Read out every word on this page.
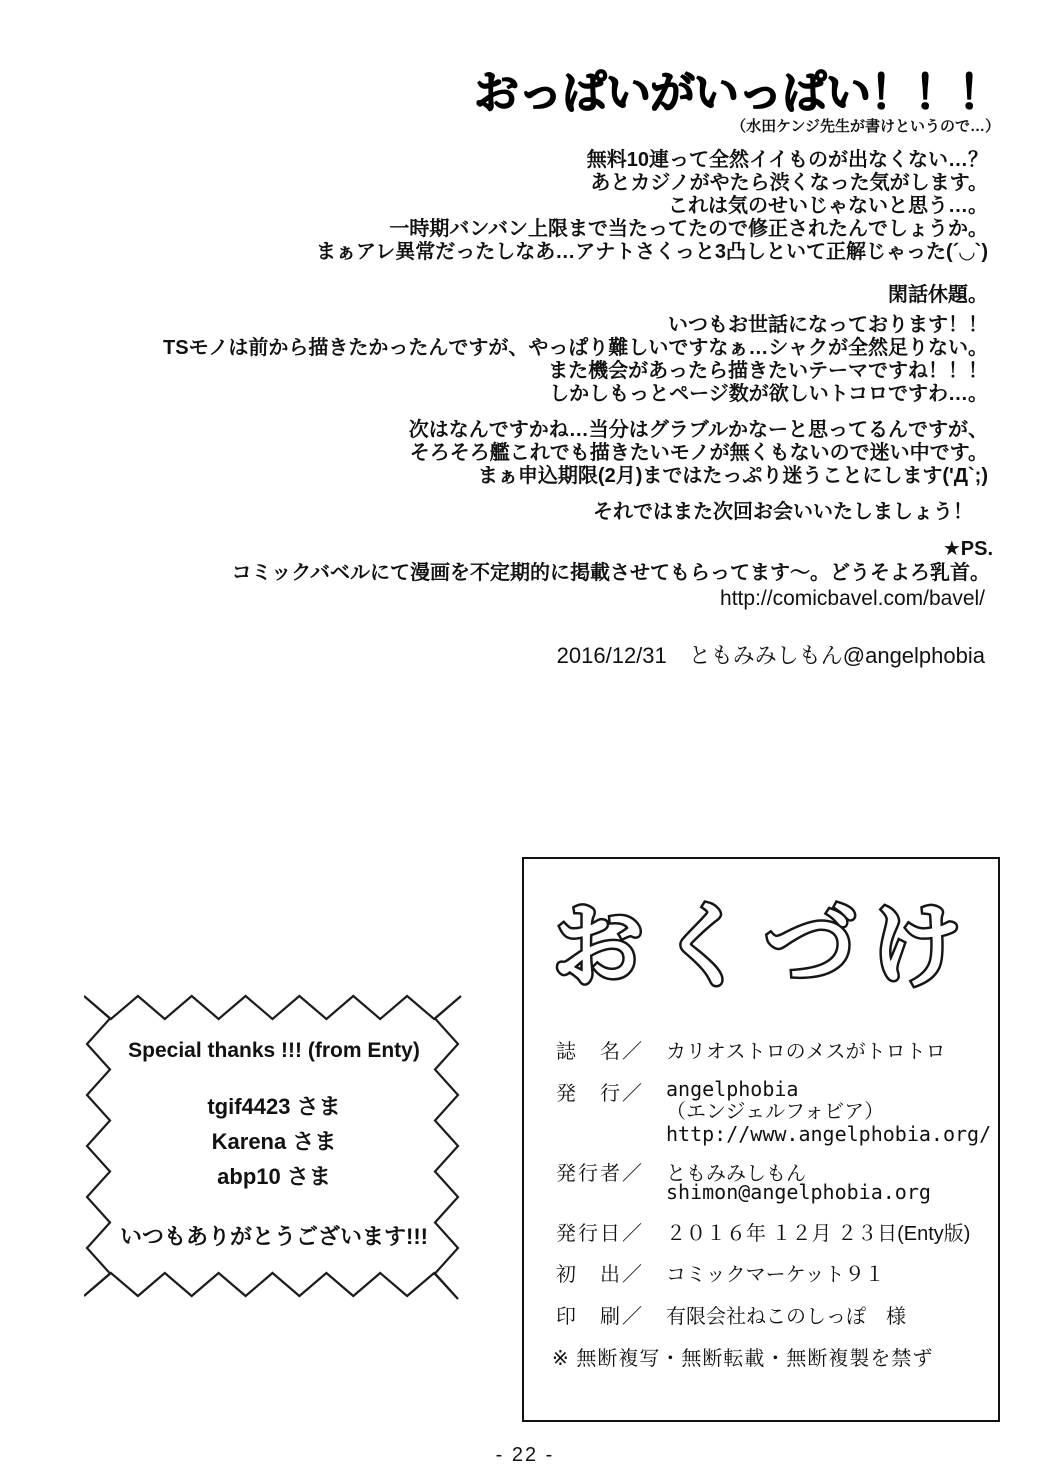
おっぱいがいっぱい！！！
（水田ケンジ先生が書けというので…）
無料10連って全然イイものが出なくない…？
あとカジノがやたら渋くなった気がします。
これは気のせいじゃないと思う…。
一時期バンバン上限まで当たってたので修正されたんでしょうか。
まぁアレ異常だったしなあ…アナトさくっと3凸しといて正解じゃった(´◡`)
閑話休題。
いつもお世話になっております！！
TSモノは前から描きたかったんですが、やっぱり難しいですなぁ…シャクが全然足りない。
また機会があったら描きたいテーマですね！！！
しかしもっとページ数が欲しいトコロですわ…。
次はなんですかね…当分はグラブルかなーと思ってるんですが、
そろそろ艦これでも描きたいモノが無くもないので迷い中です。
まぁ申込期限(2月)まではたっぷり迷うことにします('Д`;)
それではまた次回お会いいたしましょう！
★PS.
コミックバベルにて漫画を不定期的に掲載させてもらってます～。どうそよろ乳首。
http://comicbavel.com/bavel/
2016/12/31　ともみみしもん@angelphobia
Special thanks !!! (from Enty)
tgif4423 さま
Karena さま
abp10 さま
いつもありがとうございます!!!
おくづけ
誌　名／ カリオストロのメスがトロトロ
発　行／ angelphobia
（エンジェルフォビア）
http://www.angelphobia.org/
発行者／ ともみみしもん
shimon@angelphobia.org
発行日／ ２０１６年 １２月 ２３日(Enty版)
初　出／ コミックマーケット９１
印　刷／ 有限会社ねこのしっぽ　様
※ 無断複写・無断転載・無断複製を禁ず
- 22 -
